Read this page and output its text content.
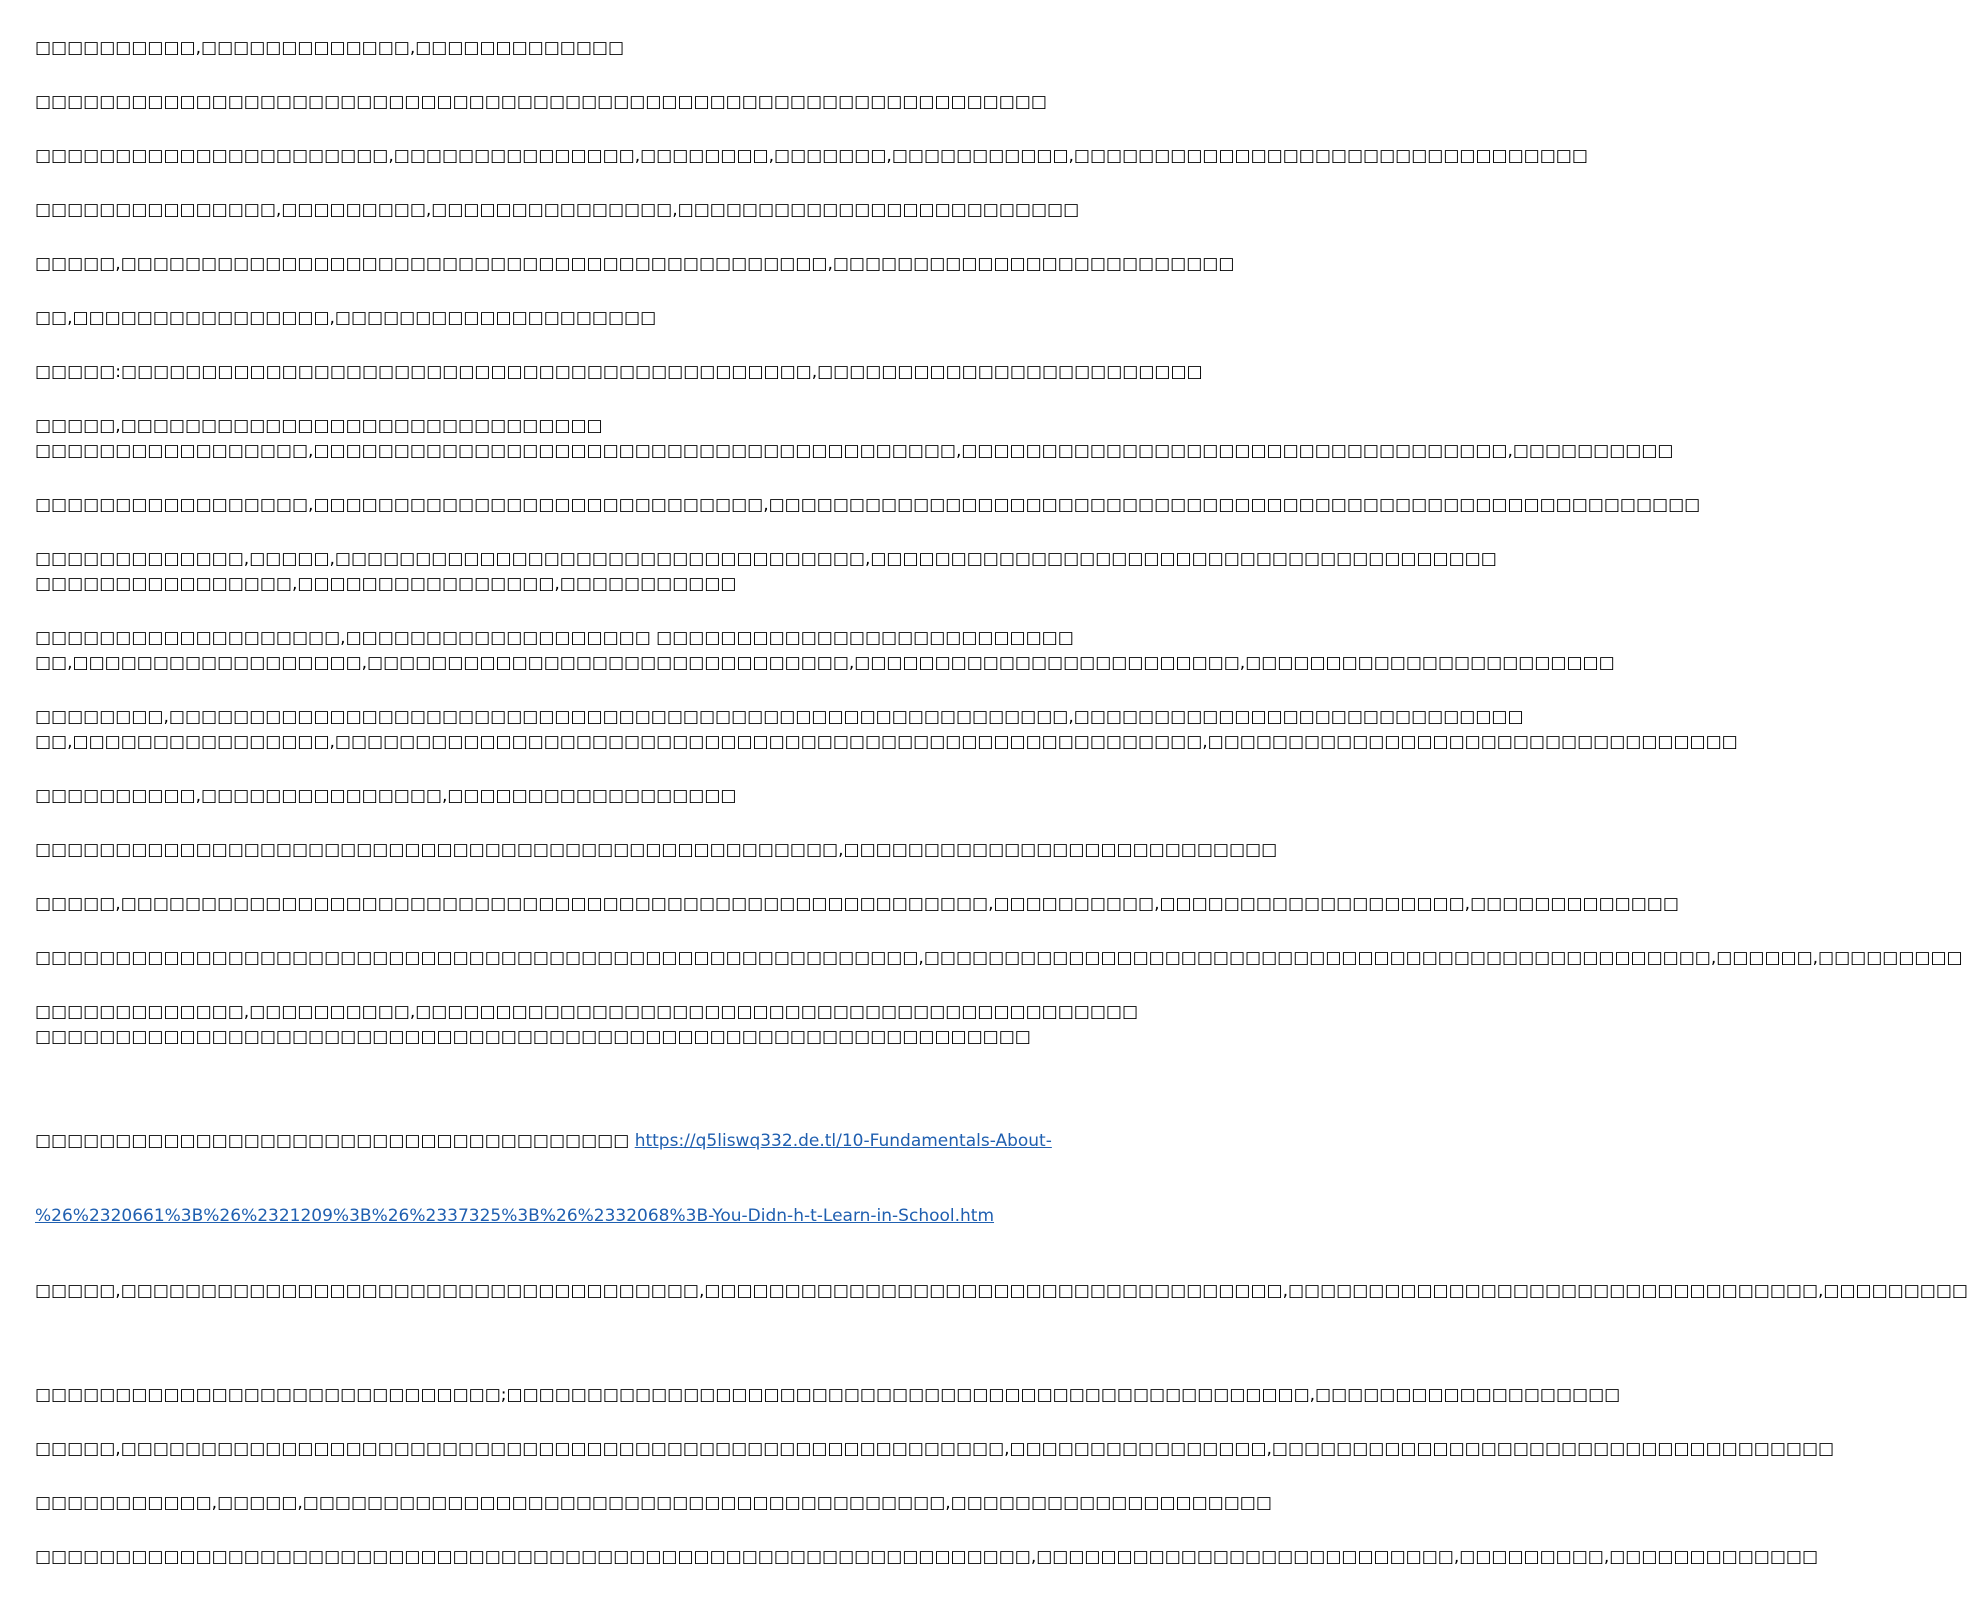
□□□□□□□□□□,□□□□□□□□□□□□□,□□□□□□□□□□□□□
□□□□□□□□□□□□□□□□□□□□□□□□□□□□□□□□□□□□□□□□□□□□□□□□□□□□□□□□□□□□□□□
□□□□□□□□□□□□□□□□□□□□□□,□□□□□□□□□□□□□□□,□□□□□□□□,□□□□□□□,□□□□□□□□□□□,□□□□□□□□□□□□□□□□□□□□□□□□□□□□□□□□
□□□□□□□□□□□□□□□,□□□□□□□□□,□□□□□□□□□□□□□□□,□□□□□□□□□□□□□□□□□□□□□□□□□
□□□□□,□□□□□□□□□□□□□□□□□□□□□□□□□□□□□□□□□□□□□□□□□□□□,□□□□□□□□□□□□□□□□□□□□□□□□□
□□,□□□□□□□□□□□□□□□□,□□□□□□□□□□□□□□□□□□□□
□□□□□:□□□□□□□□□□□□□□□□□□□□□□□□□□□□□□□□□□□□□□□□□□□,□□□□□□□□□□□□□□□□□□□□□□□□
□□□□□,□□□□□□□□□□□□□□□□□□□□□□□□□□□□□□
□□□□□□□□□□□□□□□□□,□□□□□□□□□□□□□□□□□□□□□□□□□□□□□□□□□□□□□□□□,□□□□□□□□□□□□□□□□□□□□□□□□□□□□□□□□□□,□□□□□□□□□□
□□□□□□□□□□□□□□□□□,□□□□□□□□□□□□□□□□□□□□□□□□□□□□,□□□□□□□□□□□□□□□□□□□□□□□□□□□□□□□□□□□□□□□□□□□□□□□□□□□□□□□□□□
□□□□□□□□□□□□□,□□□□□,□□□□□□□□□□□□□□□□□□□□□□□□□□□□□□□□□,□□□□□□□□□□□□□□□□□□□□□□□□□□□□□□□□□□□□□□□
□□□□□□□□□□□□□□□□,□□□□□□□□□□□□□□□□,□□□□□□□□□□□
□□□□□□□□□□□□□□□□□□□,□□□□□□□□□□□□□□□□□□□ □□□□□□□□□□□□□□□□□□□□□□□□□□
□□,□□□□□□□□□□□□□□□□□□,□□□□□□□□□□□□□□□□□□□□□□□□□□□□□□,□□□□□□□□□□□□□□□□□□□□□□□□,□□□□□□□□□□□□□□□□□□□□□□□
□□□□□□□□,□□□□□□□□□□□□□□□□□□□□□□□□□□□□□□□□□□□□□□□□□□□□□□□□□□□□□□□□,□□□□□□□□□□□□□□□□□□□□□□□□□□□□
□□,□□□□□□□□□□□□□□□□,□□□□□□□□□□□□□□□□□□□□□□□□□□□□□□□□□□□□□□□□□□□□□□□□□□□□□□,□□□□□□□□□□□□□□□□□□□□□□□□□□□□□□□□□
□□□□□□□□□□,□□□□□□□□□□□□□□□,□□□□□□□□□□□□□□□□□□
□□□□□□□□□□□□□□□□□□□□□□□□□□□□□□□□□□□□□□□□□□□□□□□□□□,□□□□□□□□□□□□□□□□□□□□□□□□□□□
□□□□□,□□□□□□□□□□□□□□□□□□□□□□□□□□□□□□□□□□□□□□□□□□□□□□□□□□□□□□,□□□□□□□□□□,□□□□□□□□□□□□□□□□□□□,□□□□□□□□□□□□□
□□□□□□□□□□□□□□□□□□□□□□□□□□□□□□□□□□□□□□□□□□□□□□□□□□□□□□□,□□□□□□□□□□□□□□□□□□□□□□□□□□□□□□□□□□□□□□□□□□□□□□□□□,□□□□□□,□□□□□□□□□
□□□□□□□□□□□□□,□□□□□□□□□□,□□□□□□□□□□□□□□□□□□□□□□□□□□□□□□□□□□□□□□□□□□□□□
□□□□□□□□□□□□□□□□□□□□□□□□□□□□□□□□□□□□□□□□□□□□□□□□□□□□□□□□□□□□□□

□□□□□□□□□□□□□□□□□□□□□□□□□□□□□□□□□□□□□ https://q5liswq332.de.tl/10-Fundamentals-About-

%26%2320661%3B%26%2321209%3B%26%2337325%3B%26%2332068%3B-You-Didn-h-t-Learn-in-School.htm

□□□□□,□□□□□□□□□□□□□□□□□□□□□□□□□□□□□□□□□□□□,□□□□□□□□□□□□□□□□□□□□□□□□□□□□□□□□□□□□,□□□□□□□□□□□□□□□□□□□□□□□□□□□□□□□□□,□□□□□□□□□

□□□□□□□□□□□□□□□□□□□□□□□□□□□□□;□□□□□□□□□□□□□□□□□□□□□□□□□□□□□□□□□□□□□□□□□□□□□□□□□□,□□□□□□□□□□□□□□□□□□□
□□□□□,□□□□□□□□□□□□□□□□□□□□□□□□□□□□□□□□□□□□□□□□□□□□□□□□□□□□□□□,□□□□□□□□□□□□□□□□,□□□□□□□□□□□□□□□□□□□□□□□□□□□□□□□□□□□
□□□□□□□□□□□,□□□□□,□□□□□□□□□□□□□□□□□□□□□□□□□□□□□□□□□□□□□□□□,□□□□□□□□□□□□□□□□□□□□
□□□□□□□□□□□□□□□□□□□□□□□□□□□□□□□□□□□□□□□□□□□□□□□□□□□□□□□□□□□□□□,□□□□□□□□□□□□□□□□□□□□□□□□□□,□□□□□□□□□,□□□□□□□□□□□□□
